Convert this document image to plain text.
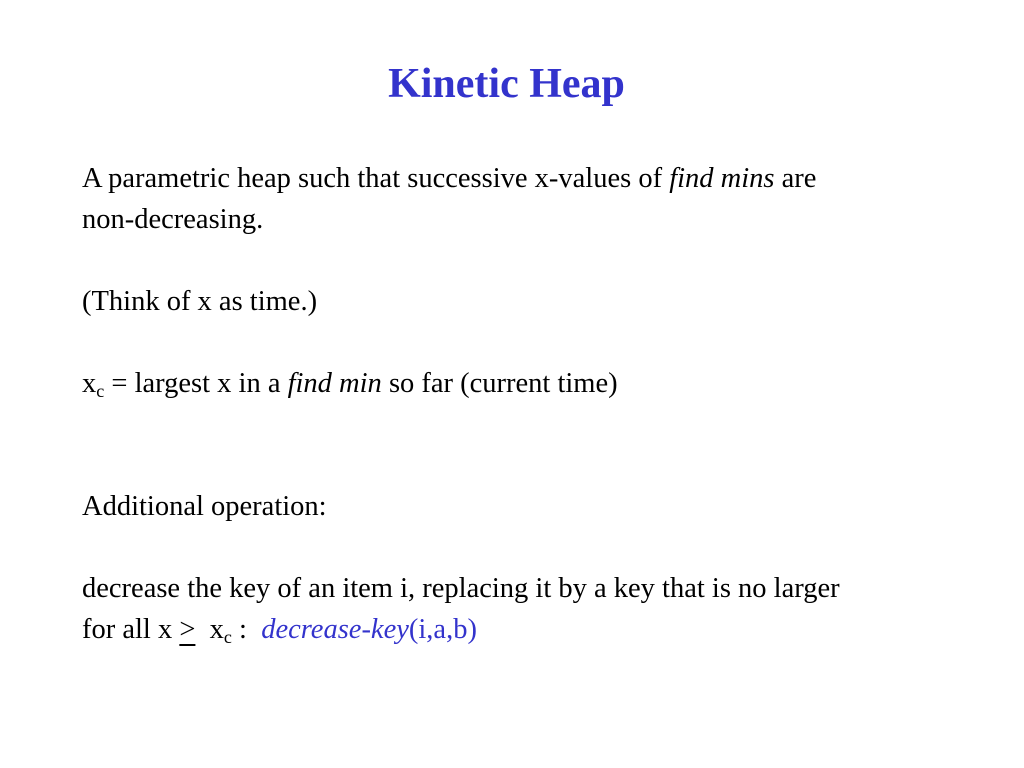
Kinetic Heap
A parametric heap such that successive x-values of find mins are
non-decreasing.
(Think of x as time.)
$x_c$ = largest x in a find min so far (current time)
Additional operation:
decrease the key of an item i, replacing it by a key that is no larger
for all $x \ge x_c$ :  decrease-key(i,a,b)
